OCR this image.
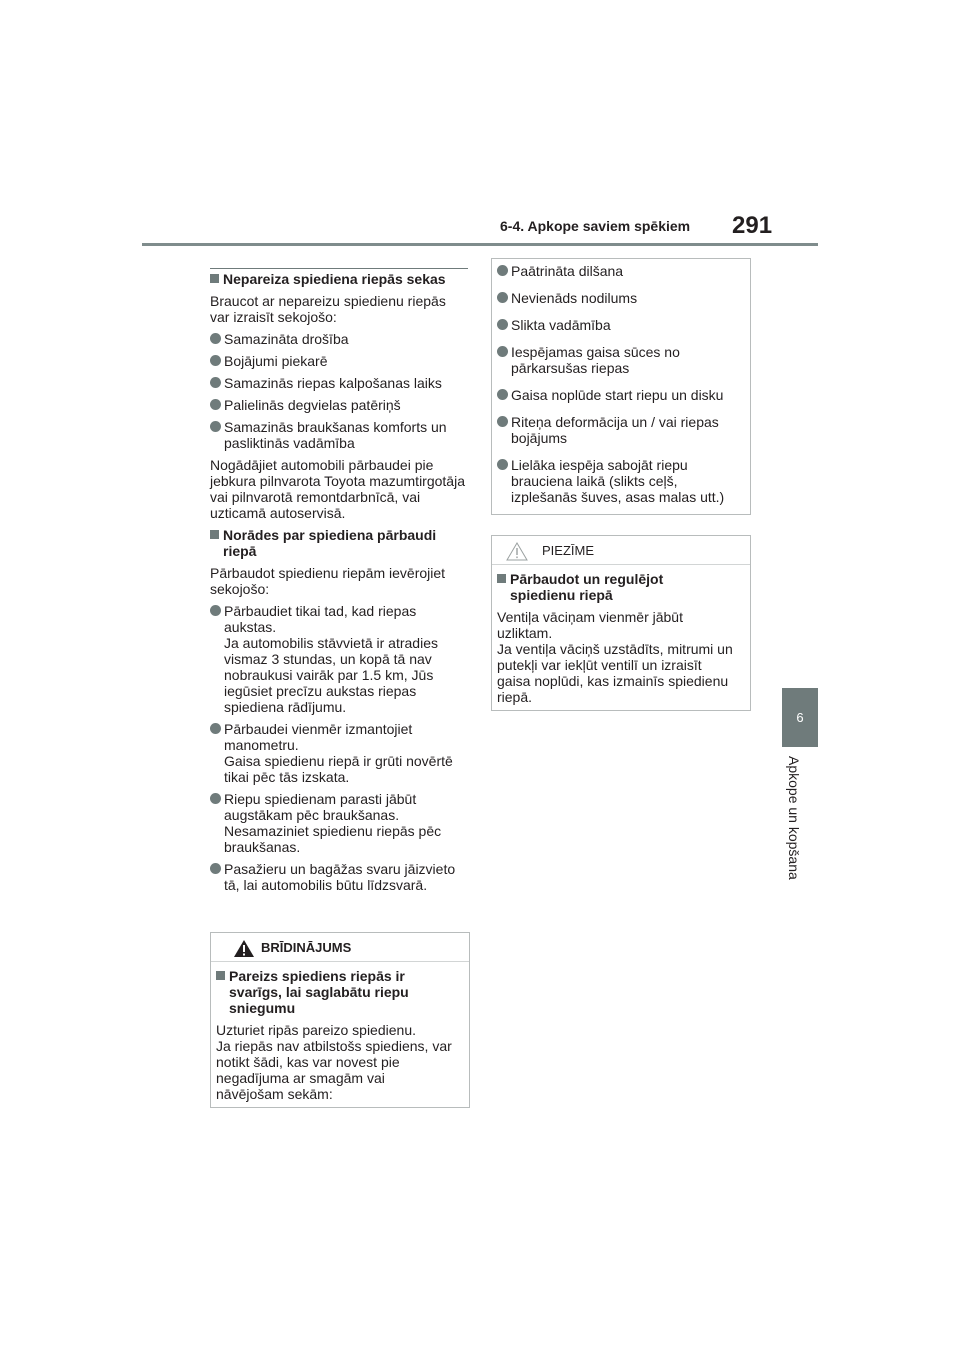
6-4. Apkope saviem spēkiem 291
6
Apkope un kopšana
Nepareiza spiediena riepās sekas
Braucot ar nepareizu spiedienu riepās var izraisīt sekojošo:
Samazināta drošība
Bojājumi piekarē
Samazinās riepas kalpošanas laiks
Palielinās degvielas patēriņš
Samazinās braukšanas komforts un
pasliktinās vadāmība
Nogādājiet automobili pārbaudei pie jebkura pilnvarota Toyota mazumtirgotāja vai pilnvarotā remontdarbnīcā, vai uzticamā autoservisā.
Norādes par spiediena pārbaudi
riepā
Pārbaudot spiedienu riepām ievērojiet sekojošo:
Pārbaudiet tikai tad, kad riepas
aukstas.
Ja automobilis stāvvietā ir atradies
vismaz 3 stundas, un kopā tā nav
nobraukusi vairāk par 1.5 km, Jūs
iegūsiet precīzu aukstas riepas
spiediena rādījumu.
Pārbaudei vienmēr izmantojiet
manometru.
Gaisa spiedienu riepā ir grūti novērtē
tikai pēc tās izskata.
Riepu spiedienam parasti jābūt
augstākam pēc braukšanas.
Nesamaziniet spiedienu riepās pēc
braukšanas.
Pasažieru un bagāžas svaru jāizvieto
tā, lai automobilis būtu līdzsvarā.
BRĪDINĀJUMS
Pareizs spiediens riepās ir
svarīgs, lai saglabātu riepu
sniegumu
Uzturiet ripās pareizo spiedienu.
Ja riepās nav atbilstošs spiediens, var
notikt šādi, kas var novest pie
negadījuma ar smagām vai
nāvējošam sekām:
Paātrināta dilšana
Nevienāds nodilums
Slikta vadāmība
Iespējamas gaisa sūces no
pārkarsušas riepas
Gaisa noplūde start riepu un disku
Riteņa deformācija un / vai riepas
bojājums
Lielāka iespēja sabojāt riepu
brauciena laikā (slikts ceļš,
izplešanās šuves, asas malas utt.)
PIEZĪME
Pārbaudot un regulējot
spiedienu riepā
Ventiļa vāciņam vienmēr jābūt
uzliktam.
Ja ventiļa vāciņš uzstādīts, mitrumi un
putekļi var iekļūt ventilī un izraisīt
gaisa noplūdi, kas izmainīs spiedienu
riepā.
